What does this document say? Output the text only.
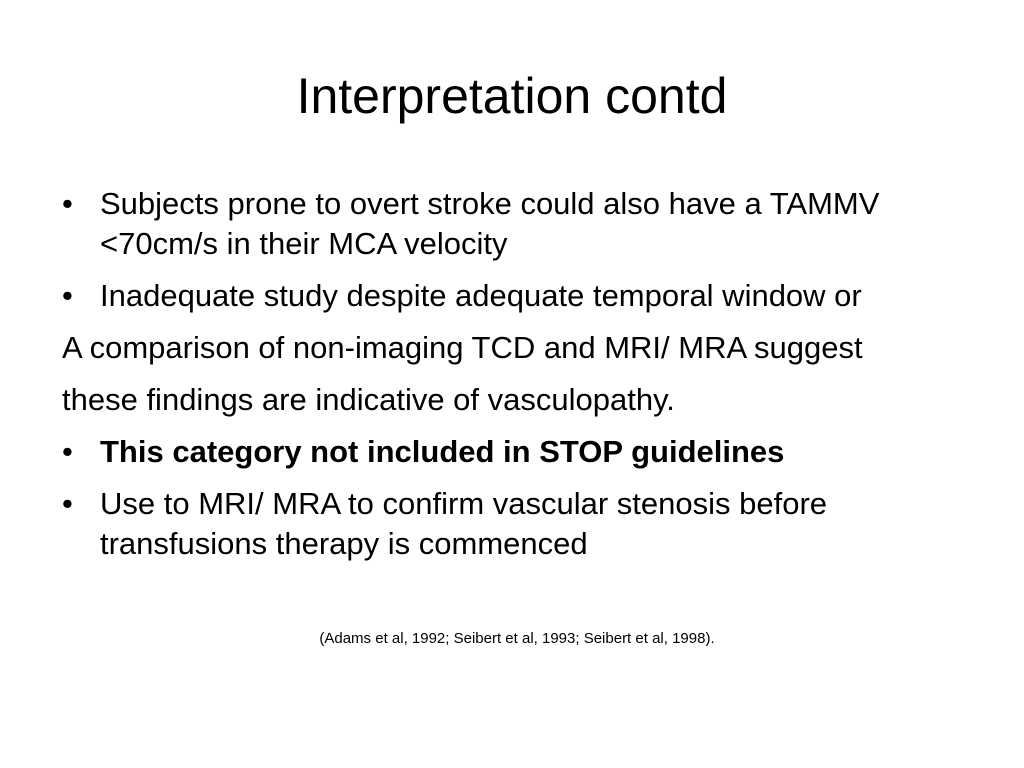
Interpretation contd
• Subjects prone to overt stroke could also have a TAMMV <70cm/s in their MCA velocity
• Inadequate study despite adequate temporal window or
A comparison of non-imaging TCD and MRI/ MRA suggest
these findings are indicative of vasculopathy.
• This category not included in STOP guidelines
• Use to MRI/ MRA to confirm vascular stenosis before transfusions therapy is commenced
(Adams et al, 1992; Seibert et al, 1993; Seibert et al, 1998).
